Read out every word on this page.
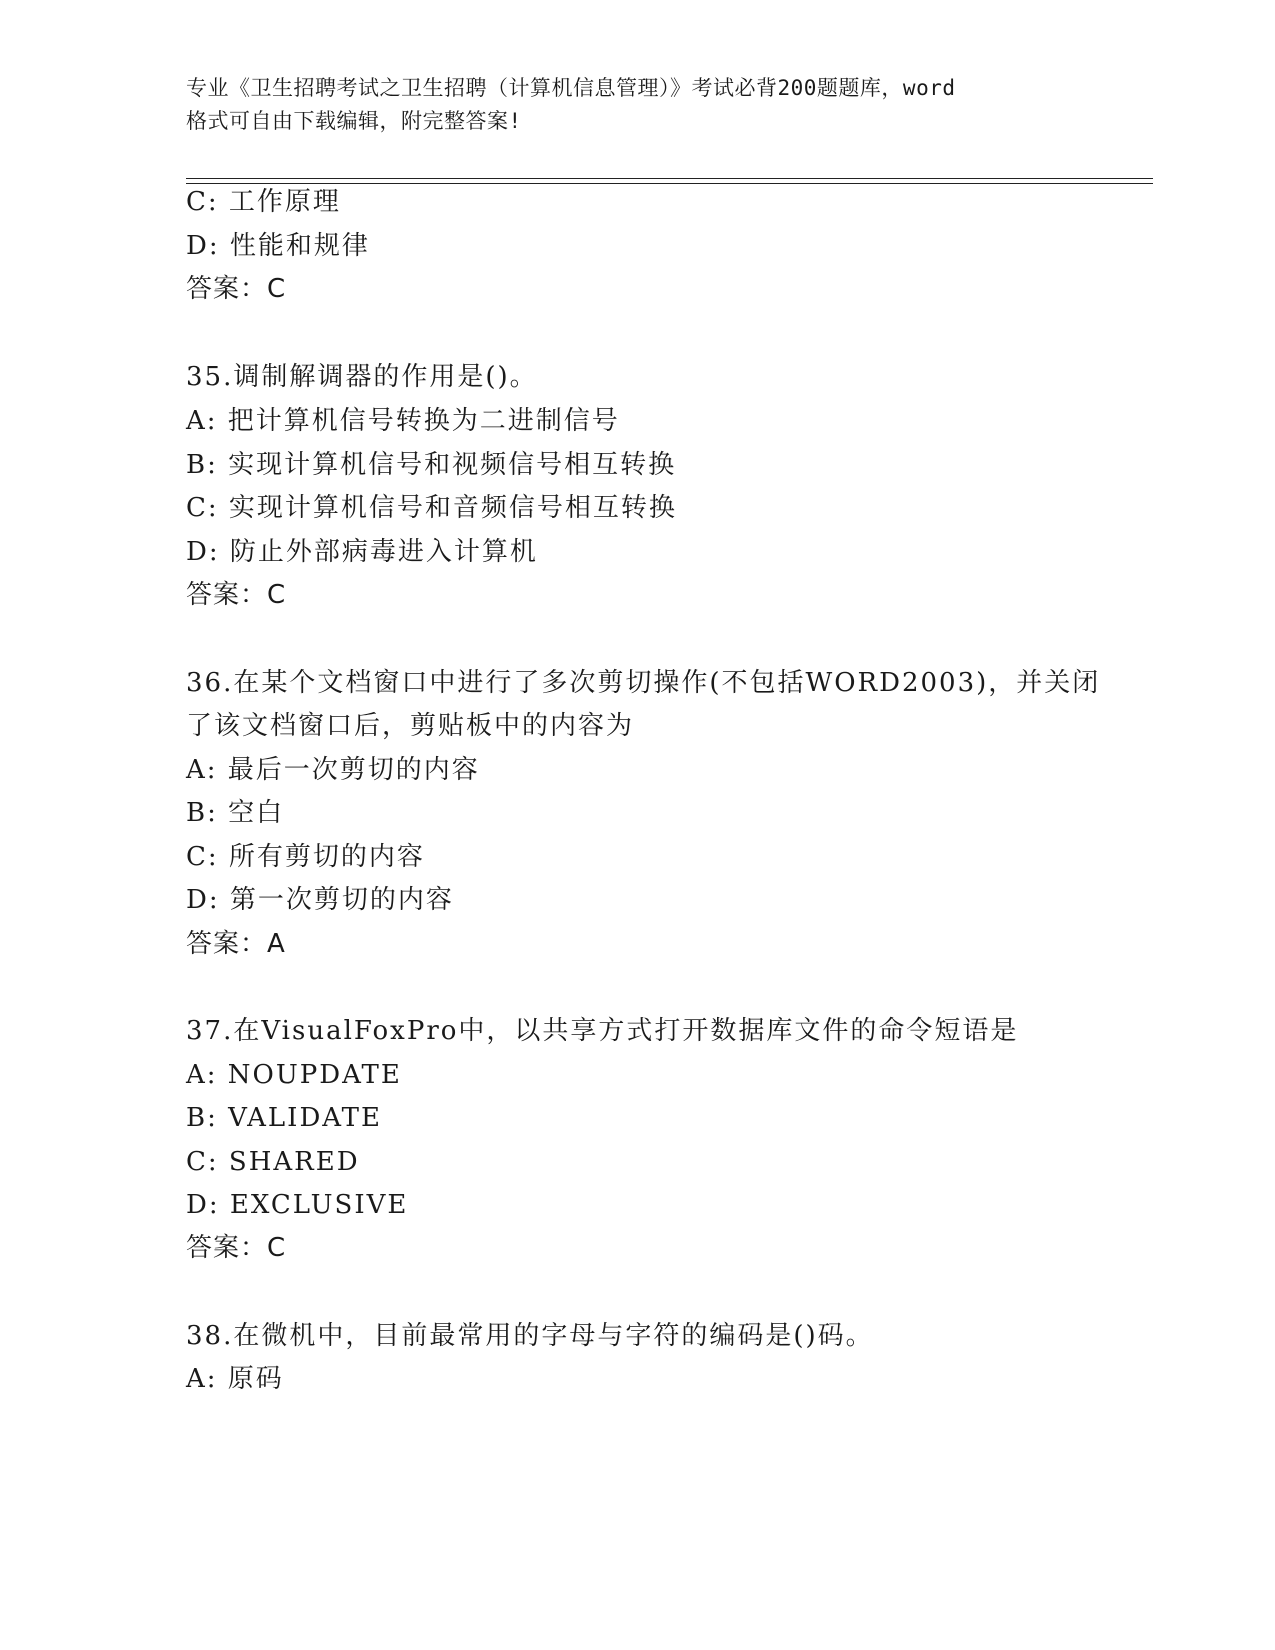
专业《卫生招聘考试之卫生招聘（计算机信息管理）》考试必背200题题库，word
格式可自由下载编辑，附完整答案!
C: 工作原理
D: 性能和规律
答案：C
35.调制解调器的作用是()。
A: 把计算机信号转换为二进制信号
B: 实现计算机信号和视频信号相互转换
C: 实现计算机信号和音频信号相互转换
D: 防止外部病毒进入计算机
答案：C
36.在某个文档窗口中进行了多次剪切操作(不包括WORD2003)，并关闭
了该文档窗口后，剪贴板中的内容为
A: 最后一次剪切的内容
B: 空白
C: 所有剪切的内容
D: 第一次剪切的内容
答案：A
37.在VisualFoxPro中，以共享方式打开数据库文件的命令短语是
A: NOUPDATE
B: VALIDATE
C: SHARED
D: EXCLUSIVE
答案：C
38.在微机中，目前最常用的字母与字符的编码是()码。
A: 原码
